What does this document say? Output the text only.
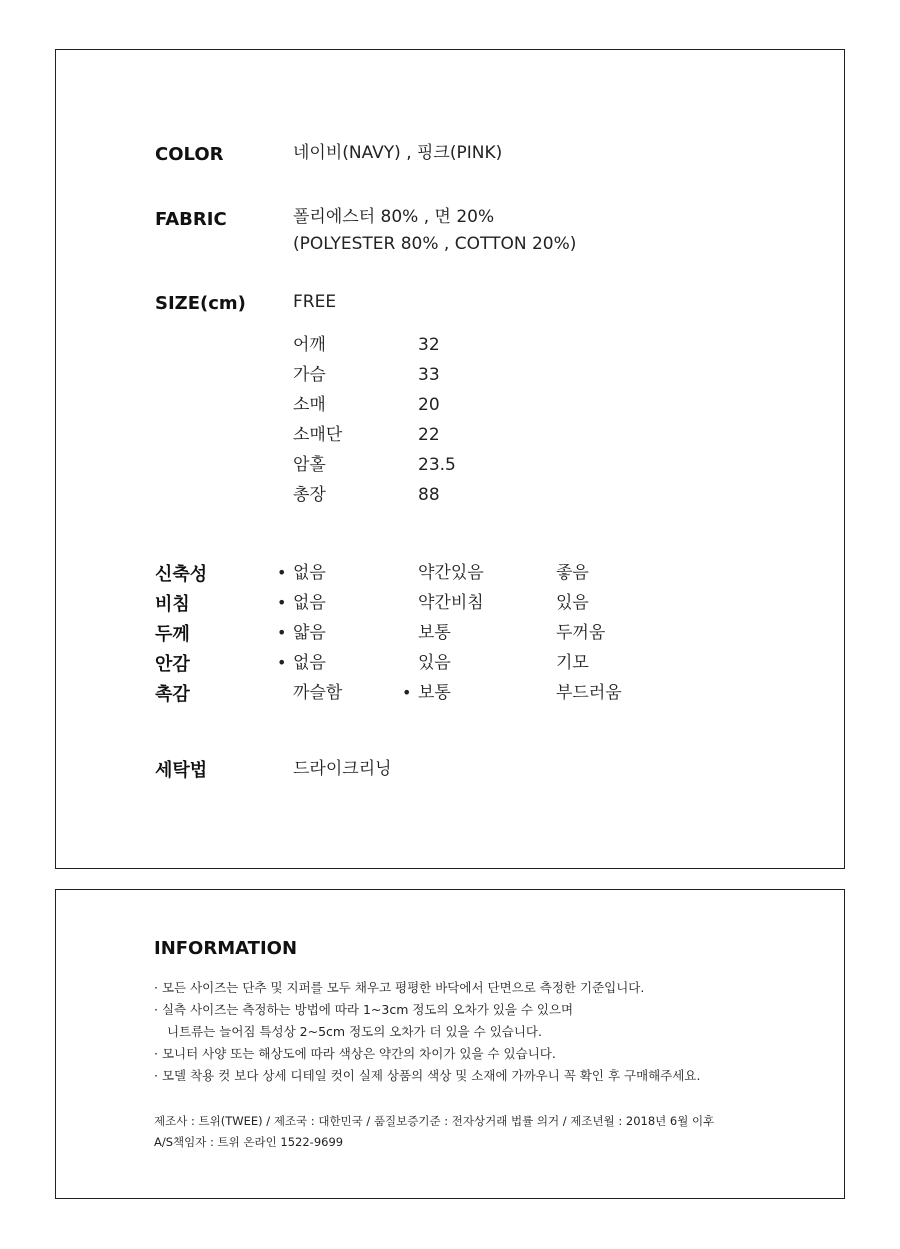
COLOR	네이비(NAVY) , 핑크(PINK)
FABRIC	폴리에스터 80% , 면 20%
(POLYESTER 80% , COTTON 20%)
SIZE(cm)	FREE
어깨	32
가슴	33
소매	20
소매단	22
암홀	23.5
총장	88
신축성	• 없음	약간있음	좋음
비침	• 없음	약간비침	있음
두께	• 얇음	보통	두꺼움
안감	• 없음	있음	기모
촉감	까슬함	• 보통	부드러움
세탁법	드라이크리닝
INFORMATION
· 모든 사이즈는 단추 및 지퍼를 모두 채우고 평평한 바닥에서 단면으로 측정한 기준입니다.
· 실측 사이즈는 측정하는 방법에 따라 1~3cm 정도의 오차가 있을 수 있으며
니트류는 늘어짐 특성상 2~5cm 정도의 오차가 더 있을 수 있습니다.
· 모니터 사양 또는 해상도에 따라 색상은 약간의 차이가 있을 수 있습니다.
· 모델 착용 컷 보다 상세 디테일 컷이 실제 상품의 색상 및 소재에 가까우니 꼭 확인 후 구매해주세요.
제조사 : 트위(TWEE) / 제조국 : 대한민국 / 품질보증기준 : 전자상거래 법률 의거 / 제조년월 : 2018년 6월 이후
A/S책임자 : 트위 온라인 1522-9699
